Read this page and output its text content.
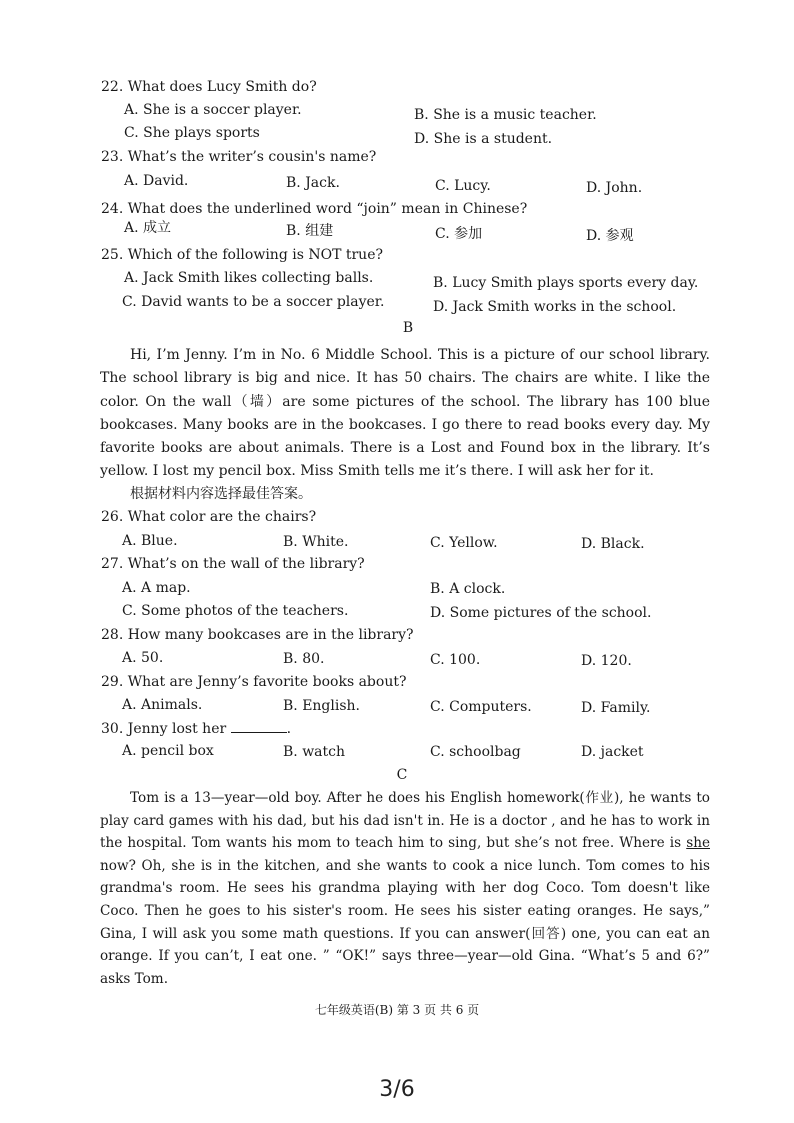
22. What does Lucy Smith do?
A. She is a soccer player.	B. She is a music teacher.
C. She plays sports	D. She is a student.
23. What’s the writer’s cousin's name?
A. David.	B. Jack.	C. Lucy.	D. John.
24. What does the underlined word “join” mean in Chinese?
A. 成立	B. 组建	C. 参加	D. 参观
25. Which of the following is NOT true?
A. Jack Smith likes collecting balls.	B. Lucy Smith plays sports every day.
C. David wants to be a soccer player.	D. Jack Smith works in the school.
B

Hi, I’m Jenny. I’m in No. 6 Middle School. This is a picture of our school library. The school library is big and nice. It has 50 chairs. The chairs are white. I like the color. On the wall（墙）are some pictures of the school. The library has 100 blue bookcases. Many books are in the bookcases. I go there to read books every day. My favorite books are about animals. There is a Lost and Found box in the library. It’s yellow. I lost my pencil box. Miss Smith tells me it’s there. I will ask her for it.

根据材料内容选择最佳答案。
26. What color are the chairs?
A. Blue.	B. White.	C. Yellow.	D. Black.
27. What’s on the wall of the library?
A. A map.	B. A clock.
C. Some photos of the teachers.	D. Some pictures of the school.
28. How many bookcases are in the library?
A. 50.	B. 80.	C. 100.	D. 120.
29. What are Jenny’s favorite books about?
A. Animals.	B. English.	C. Computers.	D. Family.
30. Jenny lost her	.
A. pencil box	B. watch	C. schoolbag	D. jacket
C

Tom is a 13—year—old boy. After he does his English homework(作业), he wants to play card games with his dad, but his dad isn't in. He is a doctor , and he has to work in the hospital. Tom wants his mom to teach him to sing, but she’s not free. Where is she now? Oh, she is in the kitchen, and she wants to cook a nice lunch. Tom comes to his grandma's room. He sees his grandma playing with her dog Coco. Tom doesn't like Coco. Then he goes to his sister's room. He sees his sister eating oranges. He says,” Gina, I will ask you some math questions. If you can answer(回答) one, you can eat an orange. If you can’t, I eat one. ” “OK!” says three—year—old Gina. “What’s 5 and 6?” asks Tom.

七年级英语(B) 第 3 页 共 6 页
3/6
